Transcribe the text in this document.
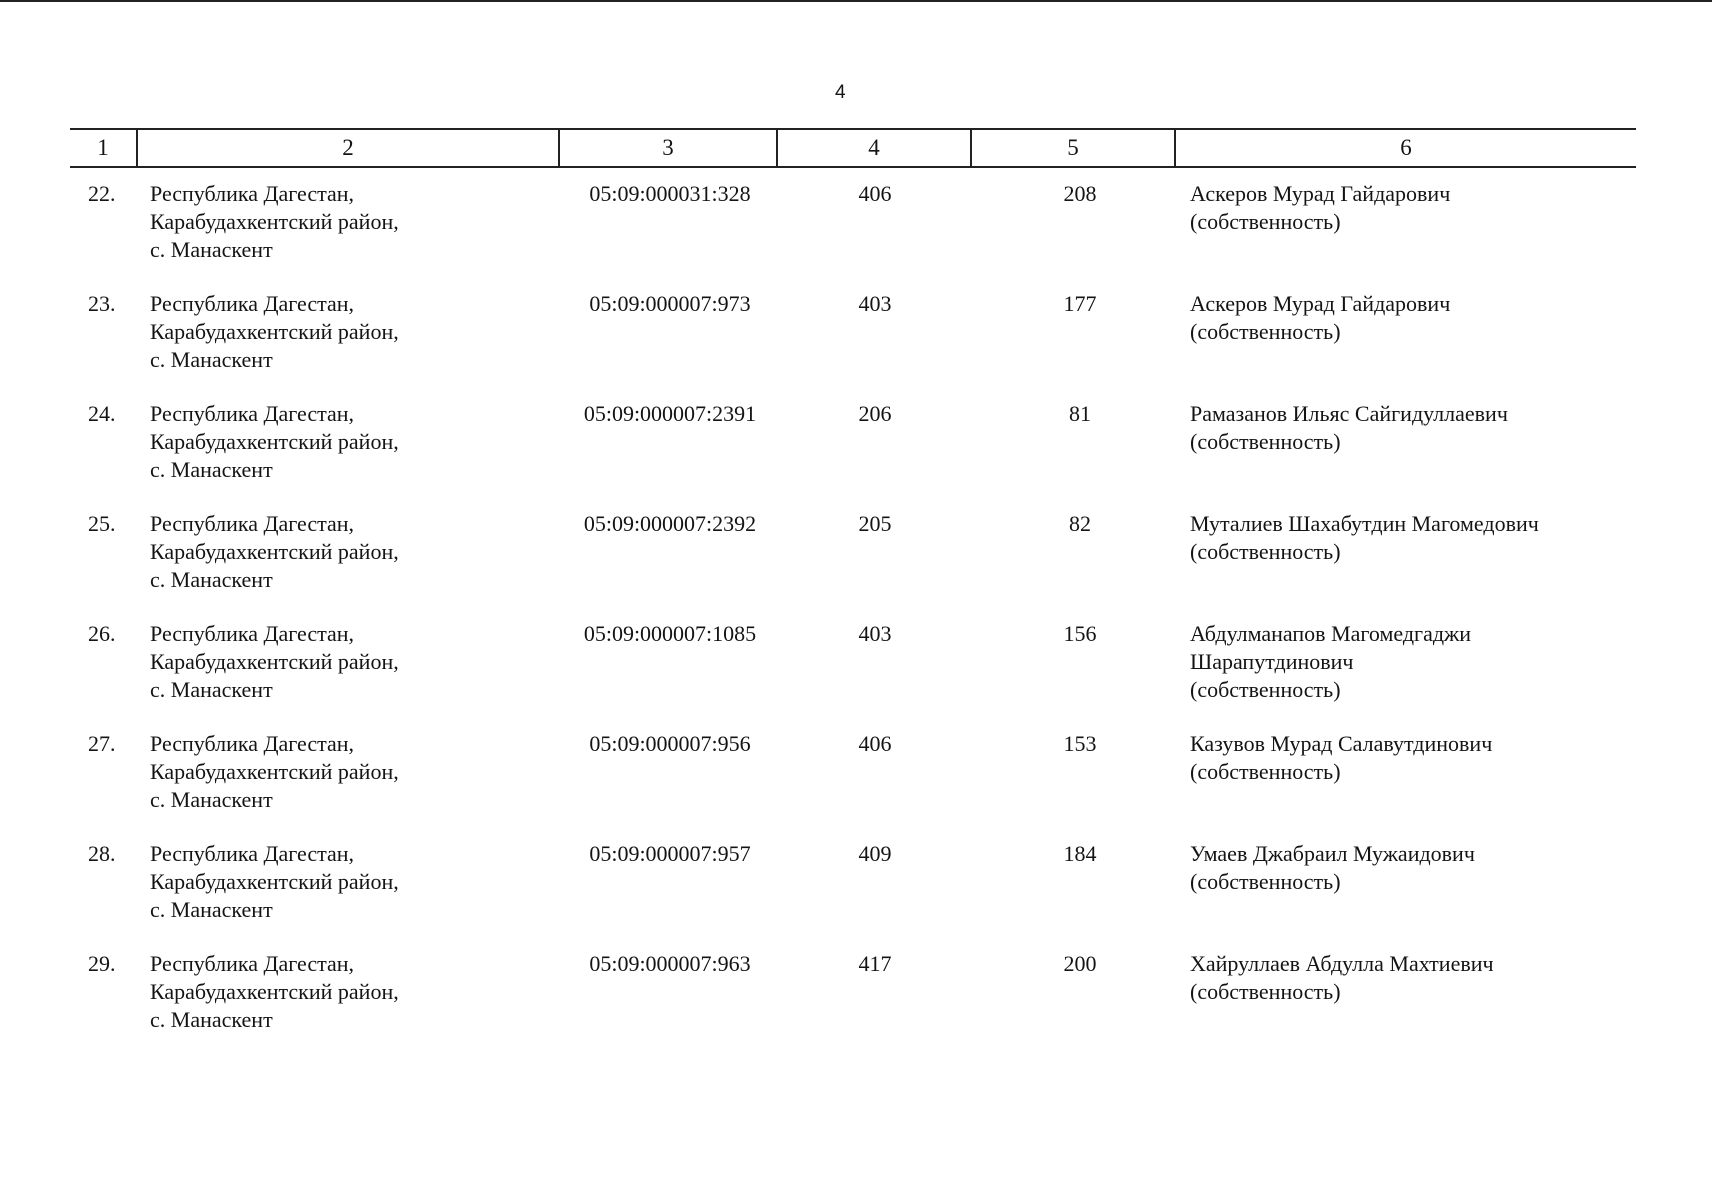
4
1	2	3	4	5	6
22.	Республика Дагестан,
Карабудахкентский район,
с. Манаскент
05:09:000031:328	406	208	Аскеров Мурад Гайдарович
(собственность)
23.	Республика Дагестан,
Карабудахкентский район,
с. Манаскент
05:09:000007:973	403	177	Аскеров Мурад Гайдарович
(собственность)
24.	Республика Дагестан,
Карабудахкентский район,
с. Манаскент
05:09:000007:2391	206	81	Рамазанов Ильяс Сайгидуллаевич
(собственность)
25.	Республика Дагестан,
Карабудахкентский район,
с. Манаскент
05:09:000007:2392	205	82	Муталиев Шахабутдин Магомедович
(собственность)
26.	Республика Дагестан,
Карабудахкентский район,
с. Манаскент
05:09:000007:1085	403	156	Абдулманапов Магомедгаджи
Шарапутдинович
(собственность)
27.	Республика Дагестан,
Карабудахкентский район,
с. Манаскент
05:09:000007:956	406	153	Казувов Мурад Салавутдинович
(собственность)
28.	Республика Дагестан,
Карабудахкентский район,
с. Манаскент
05:09:000007:957	409	184	Умаев Джабраил Мужаидович
(собственность)
29.	Республика Дагестан,
Карабудахкентский район,
с. Манаскент
05:09:000007:963	417	200	Хайруллаев Абдулла Махтиевич
(собственность)
